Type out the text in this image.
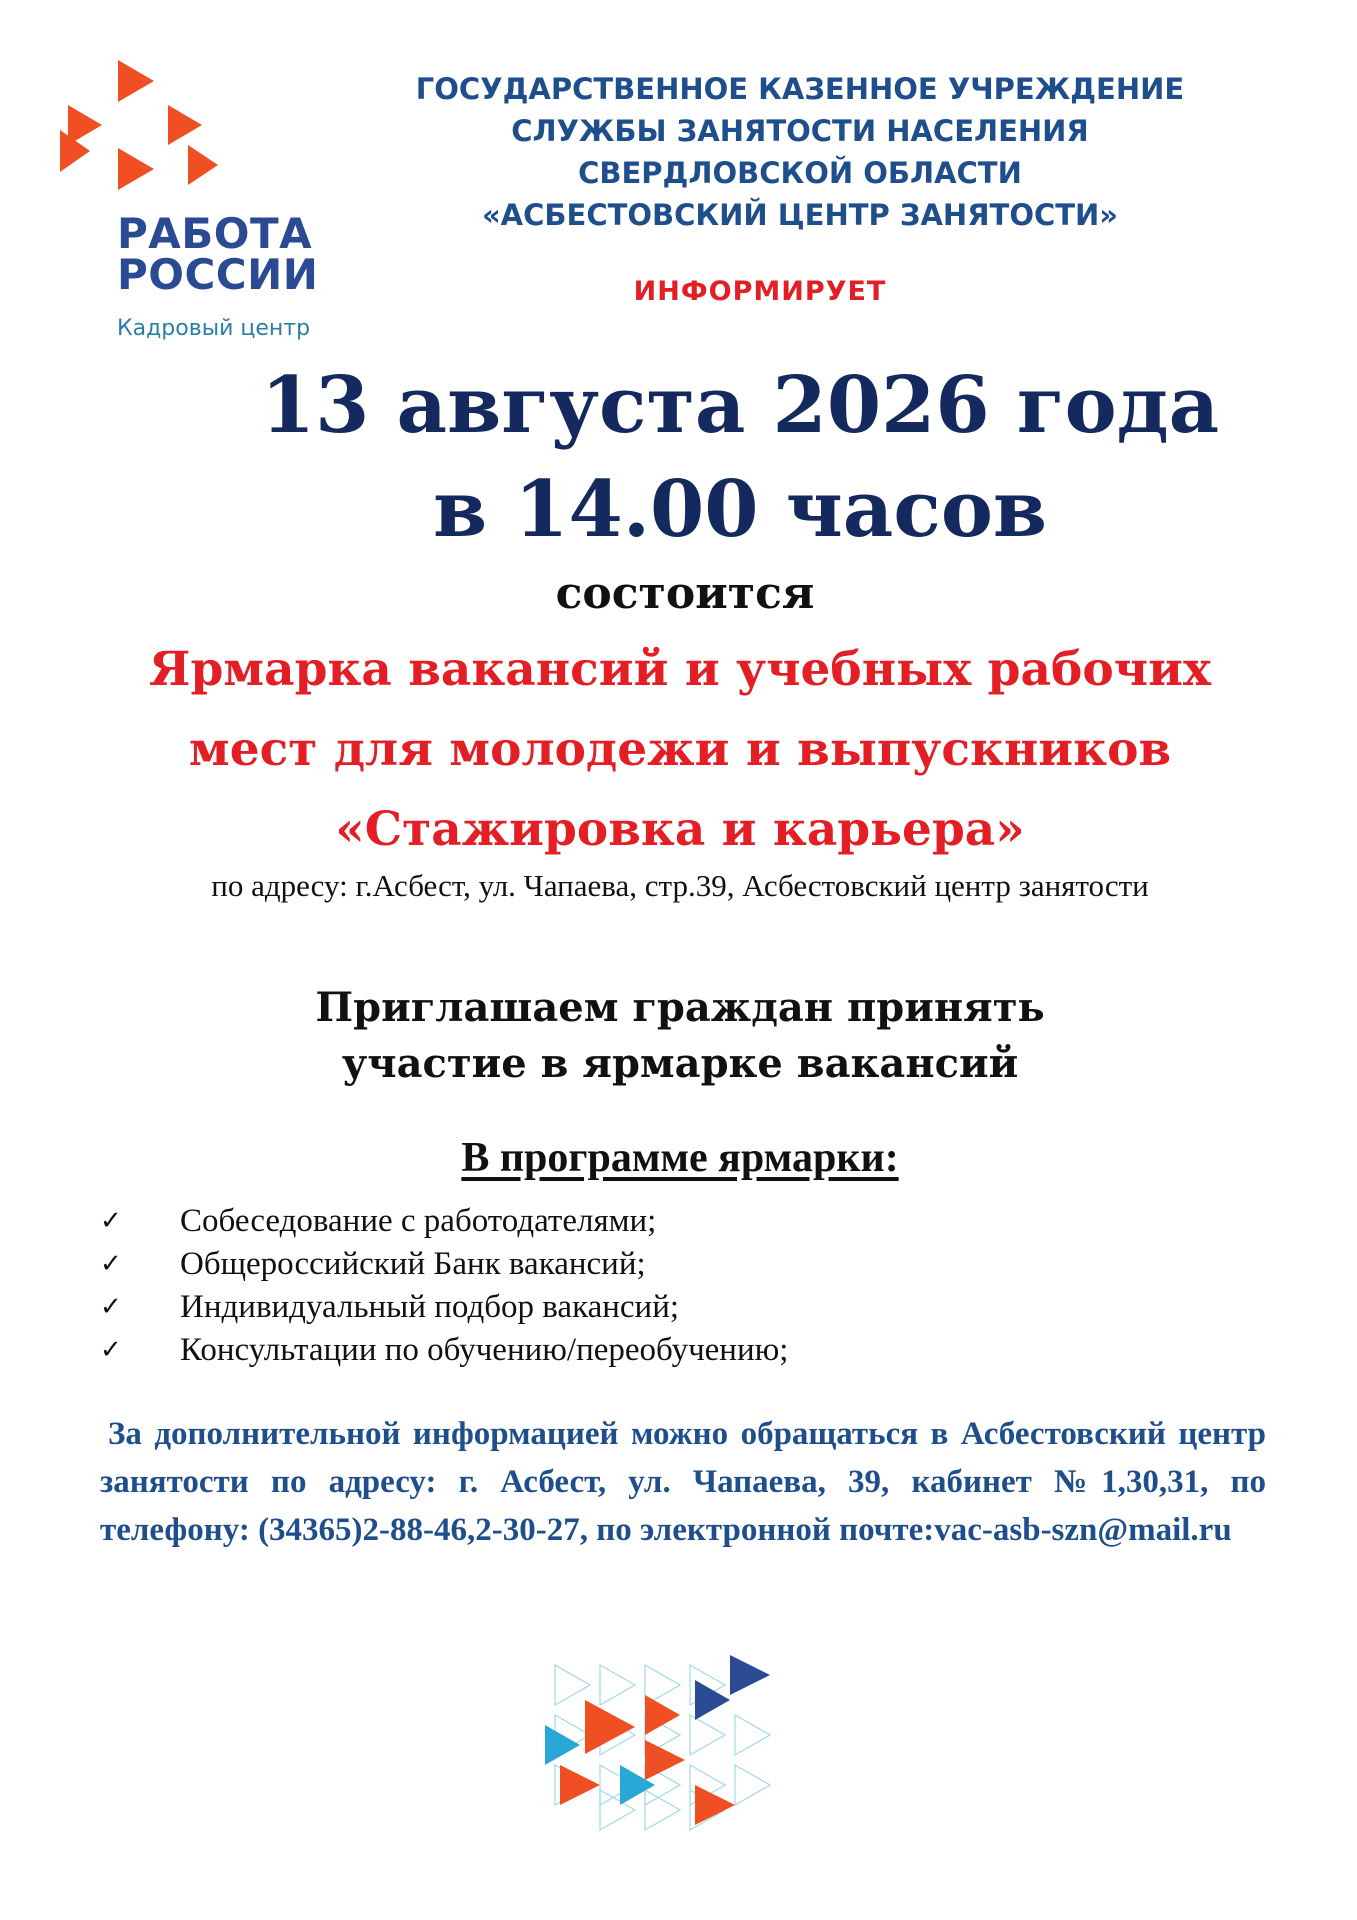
РАБОТА
РОССИИ
Кадровый центр
ГОСУДАРСТВЕННОЕ КАЗЕННОЕ УЧРЕЖДЕНИЕ
СЛУЖБЫ ЗАНЯТОСТИ НАСЕЛЕНИЯ
СВЕРДЛОВСКОЙ ОБЛАСТИ
«АСБЕСТОВСКИЙ ЦЕНТР ЗАНЯТОСТИ»
ИНФОРМИРУЕТ
13 августа 2026 года
в 14.00 часов
состоится
Ярмарка вакансий и учебных рабочих
мест для молодежи и выпускников
«Стажировка и карьера»
по адресу: г.Асбест, ул. Чапаева, стр.39, Асбестовский центр занятости
Приглашаем граждан принять
участие в ярмарке вакансий
В программе ярмарки:
✓ Собеседование с работодателями;
✓ Общероссийский Банк вакансий;
✓ Индивидуальный подбор вакансий;
✓ Консультации по обучению/переобучению;
За дополнительной информацией можно обращаться в Асбестовский центр занятости по адресу: г. Асбест, ул. Чапаева, 39, кабинет №1,30,31, по телефону: (34365)2-88-46,2-30-27, по электронной почте:vac-asb-szn@mail.ru
